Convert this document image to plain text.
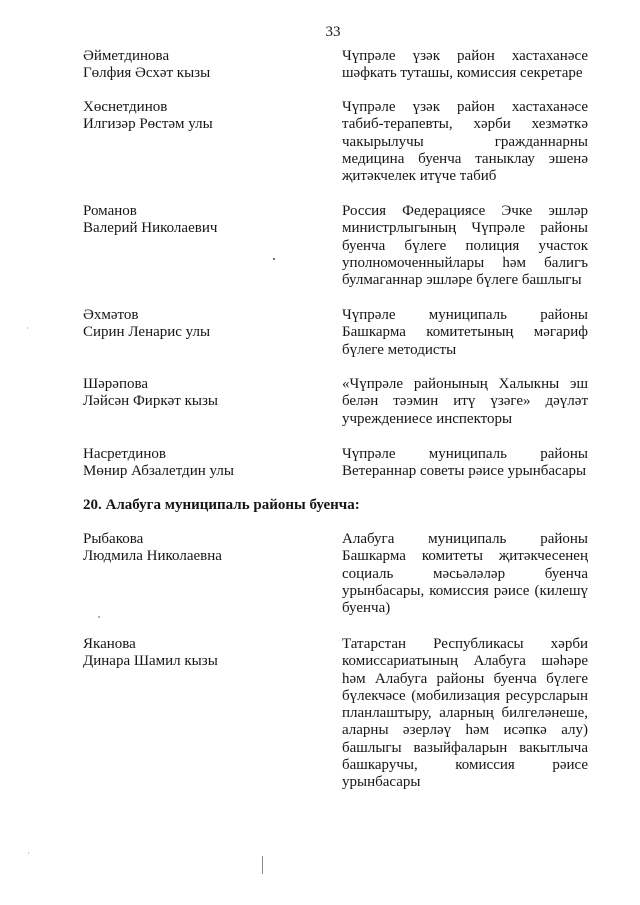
33
Әйметдинова
Гөлфия Әсхәт кызы
Чүпрәле үзәк район хастаханәсе
шәфкать туташы, комиссия секретаре
Хөснетдинов
Илгизәр Рөстәм улы
Чүпрәле үзәк район хастаханәсе
табиб-терапевты, хәрби хезмәткә
чакырылучы гражданнарны
медицина буенча таныклау эшенә
җитәкчелек итүче табиб
Романов
Валерий Николаевич
Россия Федерациясе Эчке эшләр
министрлыгының Чүпрәле районы
буенча бүлеге полиция участок
уполномоченныйлары һәм балигъ
булмаганнар эшләре бүлеге башлыгы
Әхмәтов
Сирин Ленарис улы
Чүпрәле муниципаль районы
Башкарма комитетының мәгариф
бүлеге методисты
Шәрәпова
Ләйсән Фиркәт кызы
«Чүпрәле районының Халыкны эш
белән тәэмин итү үзәге» дәүләт
учреждениесе инспекторы
Насретдинов
Мөнир Абзалетдин улы
Чүпрәле муниципаль районы
Ветераннар советы рәисе урынбасары
20. Алабуга муниципаль районы буенча:
Рыбакова
Людмила Николаевна
Алабуга муниципаль районы
Башкарма комитеты җитәкчесенең
социаль мәсьәләләр буенча
урынбасары, комиссия рәисе (килешү
буенча)
Яканова
Динара Шамил кызы
Татарстан Республикасы хәрби
комиссариатының Алабуга шәһәре
һәм Алабуга районы буенча бүлеге
бүлекчәсе (мобилизация ресурсларын
планлаштыру, аларның билгеләнеше,
аларны әзерләү һәм исәпкә алу)
башлыгы вазыйфаларын вакытлыча
башкаручы, комиссия рәисе
урынбасары
